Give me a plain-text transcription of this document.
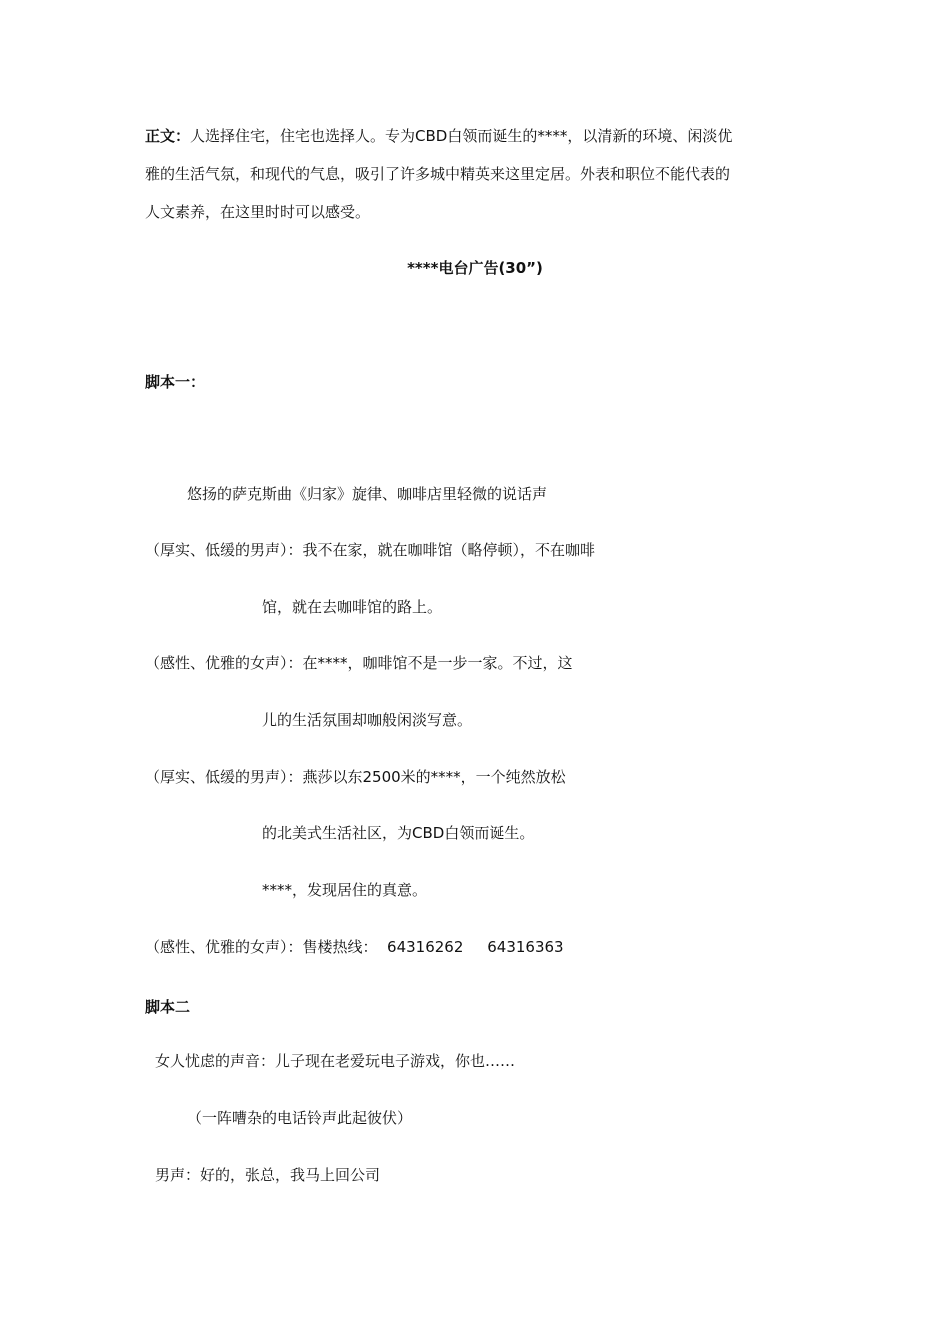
正文：人选择住宅，住宅也选择人。专为CBD白领而诞生的****，以清新的环境、闲淡优
雅的生活气氛，和现代的气息，吸引了许多城中精英来这里定居。外表和职位不能代表的
人文素养，在这里时时可以感受。
****电台广告(30”)
脚本一：
悠扬的萨克斯曲《归家》旋律、咖啡店里轻微的说话声
（厚实、低缓的男声）：我不在家，就在咖啡馆（略停顿），不在咖啡
馆，就在去咖啡馆的路上。
（感性、优雅的女声）：在****，咖啡馆不是一步一家。不过，这
儿的生活氛围却咖般闲淡写意。
（厚实、低缓的男声）：燕莎以东2500米的****，一个纯然放松
的北美式生活社区，为CBD白领而诞生。
****，发现居住的真意。
（感性、优雅的女声）：售楼热线：  64316262     64316363
脚本二
女人忧虑的声音：儿子现在老爱玩电子游戏，你也……
（一阵嘈杂的电话铃声此起彼伏）
男声：好的，张总，我马上回公司
